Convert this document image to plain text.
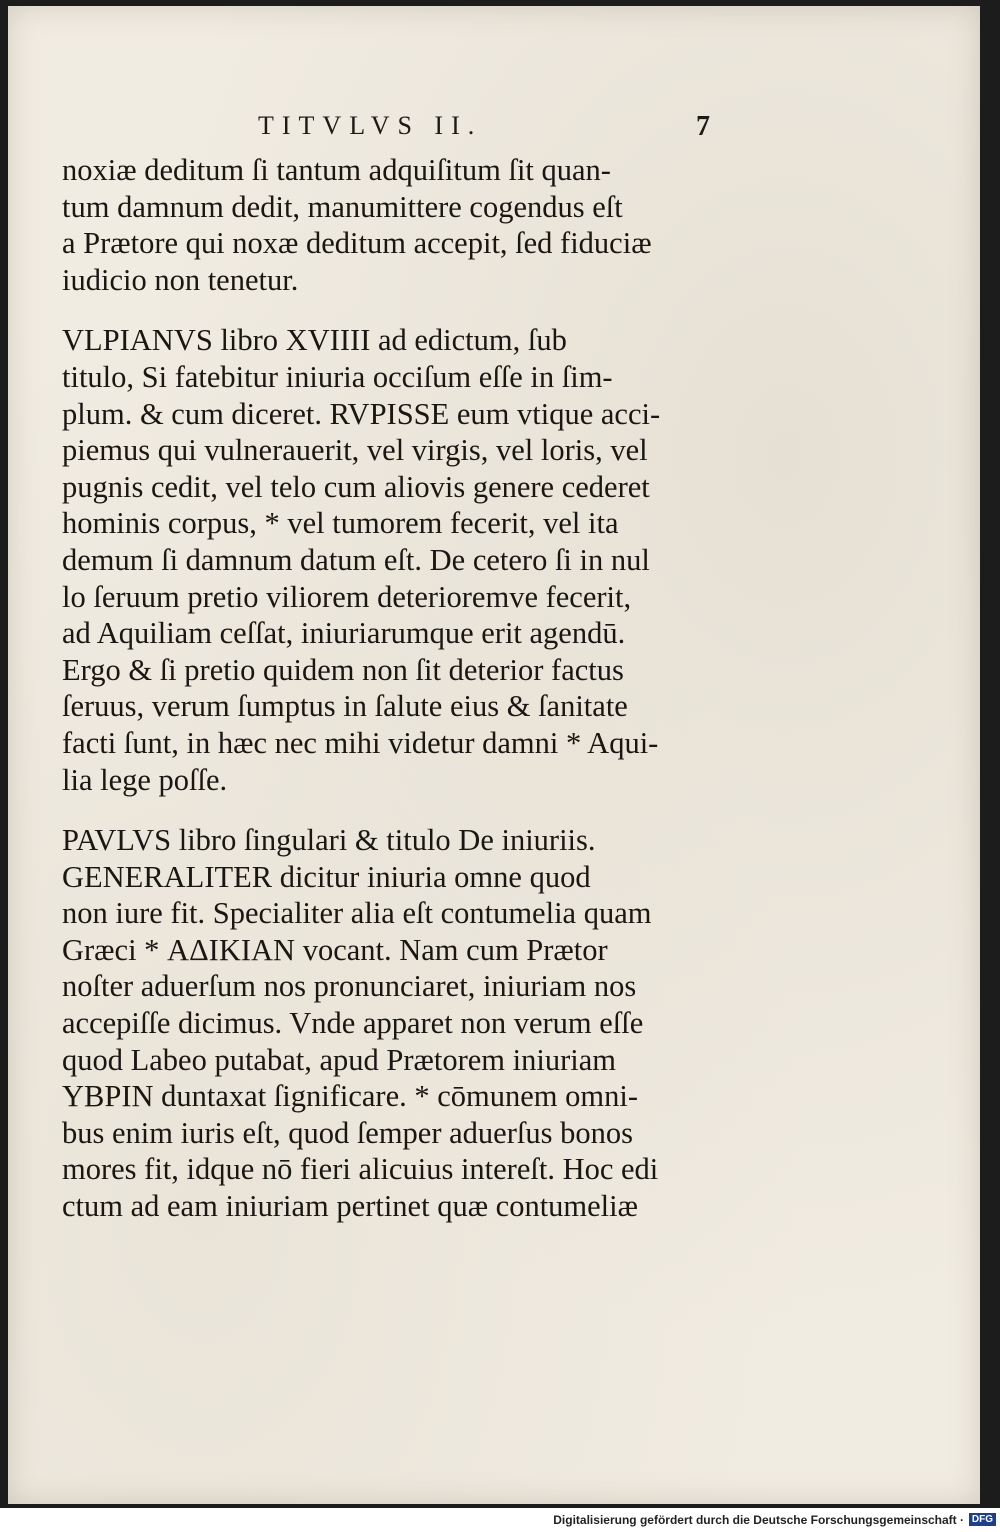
TITVLVS II.	7
noxiæ deditum ſi tantum adquiſitum ſit quan-
tum damnum dedit, manumittere cogendus eſt
a Prætore qui noxæ deditum accepit, ſed fiduciæ
iudicio non tenetur.
VLPIANVS libro XVIIII ad edictum, ſub
titulo, Si fatebitur iniuria occiſum eſſe in ſim-
plum. & cum diceret. RVPISSE eum vtique acci-
piemus qui vulnerauerit, vel virgis, vel loris, vel
pugnis cedit, vel telo cum aliovis genere cederet
hominis corpus, * vel tumorem fecerit, vel ita
demum ſi damnum datum eſt. De cetero ſi in nul
lo ſeruum pretio viliorem deterioremve fecerit,
ad Aquiliam ceſſat, iniuriarumque erit agendū.
Ergo & ſi pretio quidem non ſit deterior factus
ſeruus, verum ſumptus in ſalute eius & ſanitate
facti ſunt, in hæc nec mihi videtur damni * Aqui-
lia lege poſſe.
PAVLVS libro ſingulari & titulo De iniuriis.
GENERALITER dicitur iniuria omne quod
non iure fit. Specialiter alia eſt contumelia quam
Græci * ΑΔΙΚΙΑΝ vocant. Nam cum Prætor
noſter aduerſum nos pronunciaret, iniuriam nos
accepiſſe dicimus. Vnde apparet non verum eſſe
quod Labeo putabat, apud Prætorem iniuriam
ΥΒΡΙΝ duntaxat ſignificare. * cōmunem omni-
bus enim iuris eſt, quod ſemper aduerſus bonos
mores fit, idque nō fieri alicuius intereſt. Hoc edi
ctum ad eam iniuriam pertinet quæ contumeliæ
Digitalisierung gefördert durch die Deutsche Forschungsgemeinschaft · DFG
